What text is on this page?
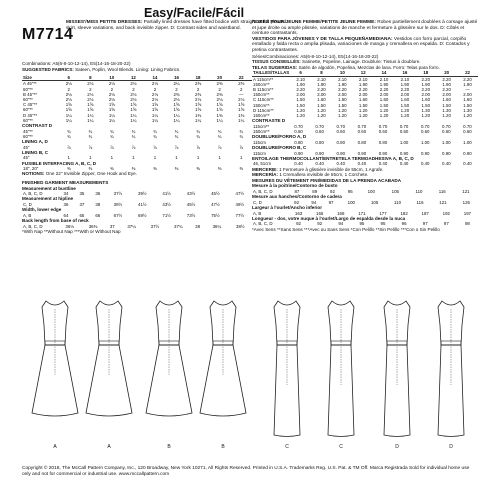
M7714
Easy/Facile/Fácil
MISSES'/MISS PETITE DRESSES: Partially lined dresses have fitted bodice with straight or full pleated skirt, sleeve variations, and back invisible zipper. D: Contrast sides and waistband.
Combinations: A5(6-8-10-12-14), E5(14-16-18-20-22)
SUGGESTED FABRICS: Sateen, Poplin, Wool Blends. Lining: Lining Fabrics.
Size	6	8	10	12	14	16	18	20	22
A 45"**	2⅛	2⅛	2⅛	2⅛	2⅛	2¼	2⅜	2⅜	2⅜
60"**	2	2	2	2	2	2	2	2	2
B 45"**	2⅛	2⅛	2⅛	2⅛	2⅛	2⅜	2⅜	2⅜	—
60"**	2⅛	2⅛	2⅛	2⅛	2⅛	2⅛	2⅛	2⅛	2⅛
C 45"**	1⅝	1⅝	1⅝	1⅝	1⅝	1⅝	1⅝	1⅝	1⅝
60"**	1⅝	1⅝	1⅝	1⅝	1⅝	1⅝	1⅝	1⅝	1⅝
D 45"**	1¼	1¼	1¼	1¼	1¼	1¼	1⅜	1⅜	1⅜
60"**	1¼	1¼	1¼	1¼	1¼	1¼	1¼	1¼	1¼
CONTRAST D
45"**	¾	¾	¾	¾	¾	¾	¾	¾	¾
60"**	¾	¾	¾	¾	¾	¾	¾	¾	¾
LINING A, D
45"	⅞	⅞	⅞	⅞	⅞	⅞	⅞	⅞	⅞
LINING B, C
45"	1	1	1	1	1	1	1	1	1
FUSIBLE INTERFACING A, B, C, D
18", 20"	⅜	⅜	⅜	⅜	⅜	⅜	⅜	⅜	⅜
NOTIONS: One 22" Invisible Zipper, One Hook and Eye.
FINISHED GARMENT MEASUREMENTS
Measurement at bustline
A, B, C, D	34	35	36	37½	39½	41½	43½	45½	47½
Measurement at hipline
C, D	36	37	38	39½	41½	43½	45½	47½	49½
Width, lower edge
A, B	64	65	66	67½	69½	71½	73½	75½	77½
Back length from base of neck
A, B, C, D	36⅛	36⅜	37	37¼	37½	37¾	38	38¼	38½
*With Nap **Without Nap ***With or Without Nap
ROBES POUR JEUNE FEMME/PETITE JEUNE FEMME: Robes partiellement doublées à corsage ajusté et jupe droite ou ample plissée, variations de manche et fermeture à glissière sur le dos. D: Côtés et ceinture contrastants.
VESTIDOS PARA JÓVENES Y DE TALLA PEQUEÑAMEDIANA: Vestidos con forro parcial, corpiño entallado y falda recta o amplia plisada, variaciones de manga y cremallera en espalda. D: Costados y pretina contrastantes.
Séries/Combinaciones: A5(6-8-10-12-14), E5(14-16-18-20-22)
TISSUS CONSEILLÉS: Satinette, Popeline, Lainage. Doublure: Tissus à doublure.
TELAS SUGERIDAS: Satén de algodón, Popelina, Mezclas de lana. Forro: Telas para forro.
TAILLES/TALLAS	6	8	10	12	14	16	18	20	22
A 115cm**	2.10	2.10	2.10	2.10	2.10	2.10	2.20	2.20	2.20
150cm**	1.90	1.90	1.90	1.90	1.90	1.90	1.90	1.90	1.90
B 115cm**	2.20	2.20	2.20	2.20	2.20	2.20	2.20	2.20	—
150cm**	2.00	2.00	2.00	2.00	2.00	2.00	2.00	2.00	2.00
C 115cm**	1.50	1.60	1.60	1.60	1.60	1.60	1.60	1.60	1.60
150cm**	1.50	1.50	1.50	1.50	1.50	1.50	1.50	1.50	1.50
D 115cm**	1.20	1.20	1.20	1.20	1.20	1.20	1.30	1.30	1.30
150cm**	1.20	1.20	1.20	1.20	1.20	1.20	1.20	1.20	1.20
CONTRASTE D
115cm**	0.70	0.70	0.70	0.70	0.70	0.70	0.70	0.70	0.70
150cm**	0.60	0.60	0.60	0.60	0.60	0.60	0.60	0.60	0.60
DOUBLURE/FORRO A, D
115cm	0.80	0.80	0.80	0.80	0.80	1.00	1.00	1.00	1.00
DOUBLURE/FORRO B, C
115cm	0.90	0.90	0.90	0.90	0.90	0.90	0.90	0.90	0.90
ENTOILAGE THERMOCOLLANT/ENTRETELA TERMOADHESIVA A, B, C, D
46, 51cm	0.40	0.40	0.40	0.40	0.40	0.40	0.40	0.40	0.40
MERCERIE: 1 Fermeture à glissière invisible de 55cm, 1 Agrafe.
MERCERÍA: 1 Cremallera invisible de 55cm, 1 Corchete.
MESURES DU VÊTEMENT FINI/MEDIDAS DE LA PRENDA ACABADA
Mesure à la poitrine/Contorno de busto
A, B, C, D	87	89	92	95	100	105	110	116	121
Mesure aux hanches/Contorno de cadera
C, D	92	94	97	100	105	110	116	121	126
Largeur à l'ourlet/Ancho inferior
A, B	163	165	168	171	177	182	187	192	197
Longueur - dos, votre nuque à l'ourlet/Largo de espalda desde la nuca
A, B, C, D	92	92	94	95	95	96	97	97	98
*Avec Sens **Sans Sens ***Avec ou Sans Sens *Con Pelillo **Sin Pelillo ***Con o Sin Pelillo
A	A	B	B	C	C	D	D
Copyright © 2018, The McCall Pattern Company, Inc., 120 Broadway, New York 10271, All Rights Reserved. Printed in U.S.A. Trademarks Reg. U.S. Pat. & TM Off. Marca Registrada Sold for individual home use only and not for commercial or industrial use. www.mccallpattern.com
